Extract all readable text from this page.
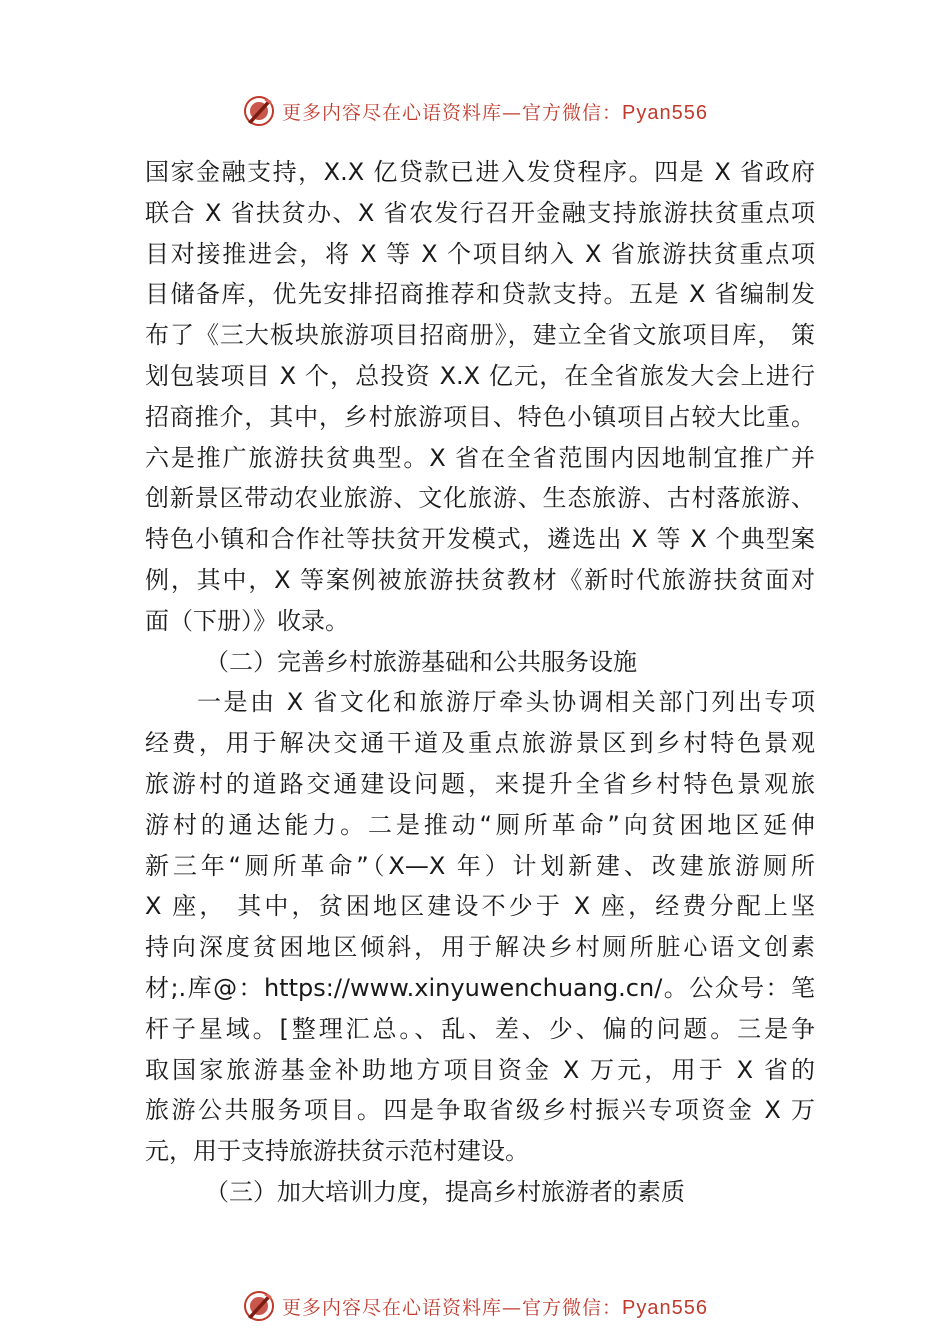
更多内容尽在心语资料库—官方微信：Pyan556
国家金融支持，X.X 亿贷款已进入发贷程序。四是 X 省政府
联合 X 省扶贫办、X 省农发行召开金融支持旅游扶贫重点项
目对接推进会，将 X 等 X 个项目纳入 X 省旅游扶贫重点项
目储备库，优先安排招商推荐和贷款支持。五是 X 省编制发
布了《三大板块旅游项目招商册》，建立全省文旅项目库， 策
划包装项目 X 个，总投资 X.X 亿元，在全省旅发大会上进行
招商推介，其中，乡村旅游项目、特色小镇项目占较大比重。
六是推广旅游扶贫典型。X 省在全省范围内因地制宜推广并
创新景区带动农业旅游、文化旅游、生态旅游、古村落旅游、
特色小镇和合作社等扶贫开发模式，遴选出 X 等 X 个典型案
例，其中，X 等案例被旅游扶贫教材《新时代旅游扶贫面对
面（下册）》收录。
（二）完善乡村旅游基础和公共服务设施
一是由 X 省文化和旅游厅牵头协调相关部门列出专项
经费，用于解决交通干道及重点旅游景区到乡村特色景观
旅游村的道路交通建设问题，来提升全省乡村特色景观旅
游村的通达能力。二是推动“厕所革命”向贫困地区延伸
新三年“厕所革命”（X—X 年）计划新建、改建旅游厕所
X 座， 其中，贫困地区建设不少于 X 座，经费分配上坚
持向深度贫困地区倾斜，用于解决乡村厕所脏心语文创素
材;.库@：https://www.xinyuwenchuang.cn/。公众号：笔
杆子星域。[整理汇总。、乱、差、少、偏的问题。三是争
取国家旅游基金补助地方项目资金 X 万元，用于 X 省的
旅游公共服务项目。四是争取省级乡村振兴专项资金 X 万
元，用于支持旅游扶贫示范村建设。
（三）加大培训力度，提高乡村旅游者的素质
更多内容尽在心语资料库—官方微信：Pyan556
